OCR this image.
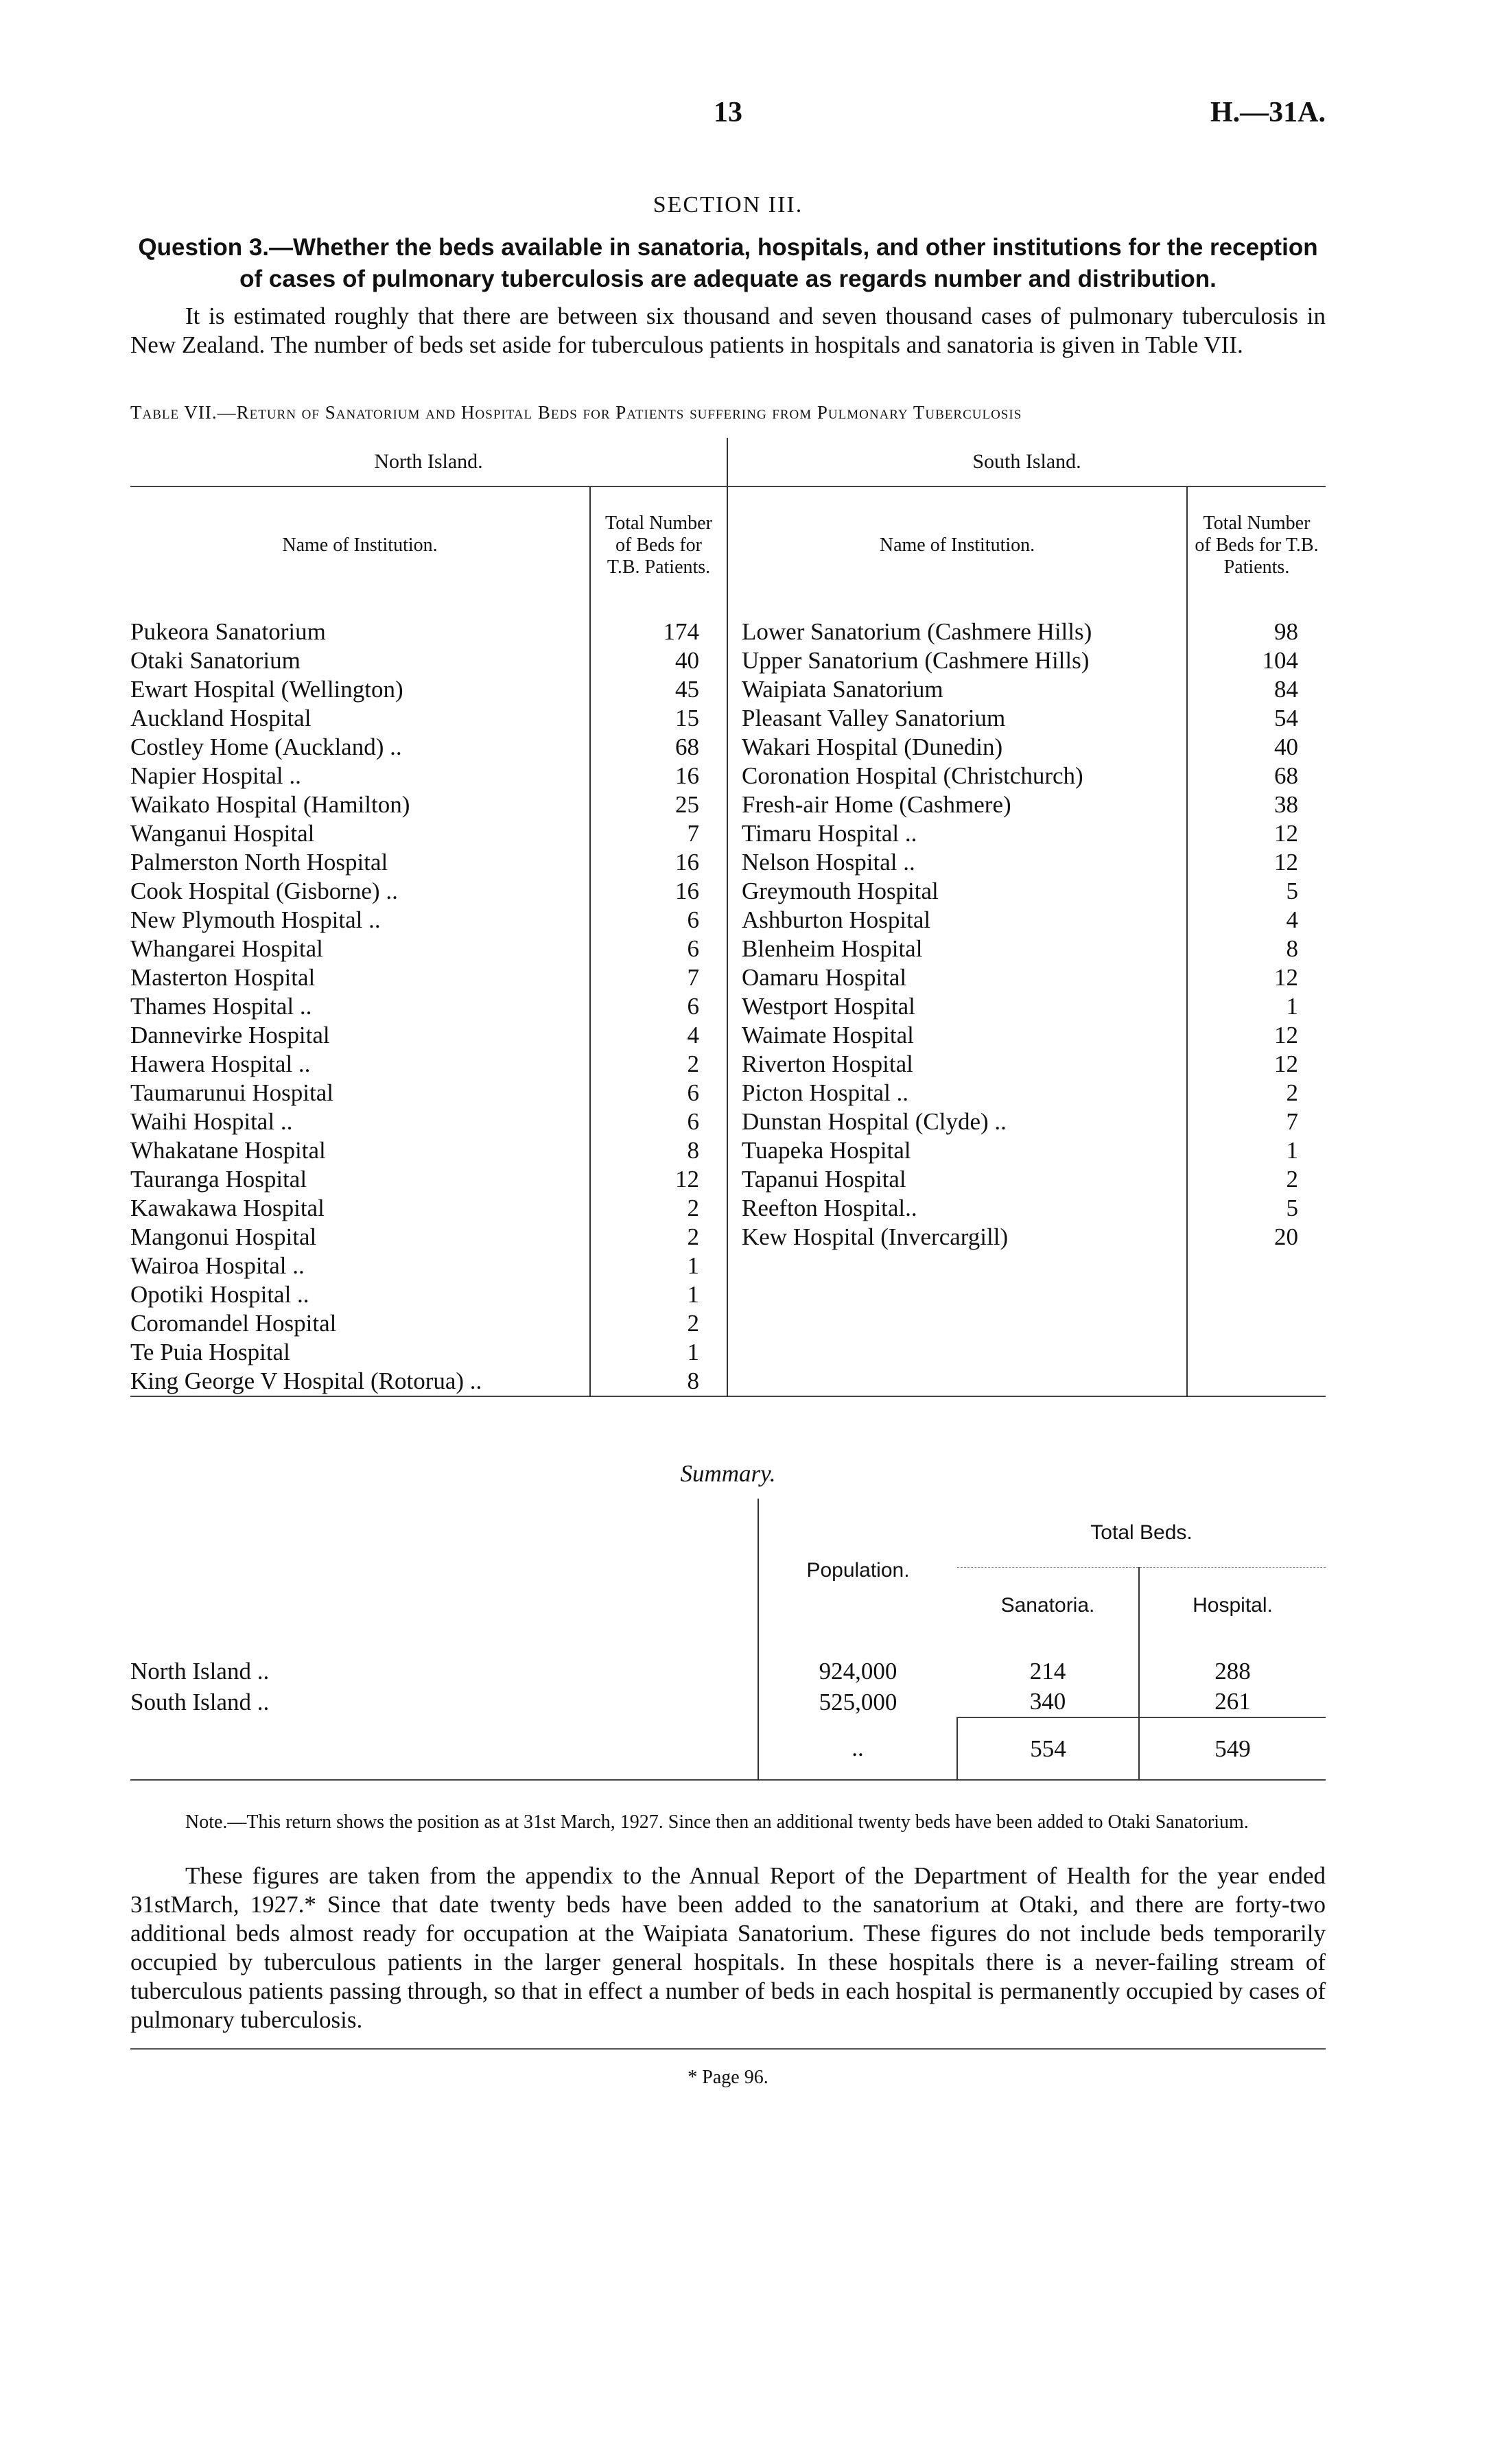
13	H.—31A.
SECTION III.
Question 3.—Whether the beds available in sanatoria, hospitals, and other institutions for the reception of cases of pulmonary tuberculosis are adequate as regards number and distribution.
It is estimated roughly that there are between six thousand and seven thousand cases of pulmonary tuberculosis in New Zealand. The number of beds set aside for tuberculous patients in hospitals and sanatoria is given in Table VII.
Table VII.—Return of Sanatorium and Hospital Beds for Patients suffering from Pulmonary Tuberculosis
North Island.		South Island.	
Name of Institution.	Total Number of Beds for T.B. Patients.	Name of Institution.	Total Number of Beds for T.B. Patients.
Pukeora Sanatorium	174	Lower Sanatorium (Cashmere Hills)	98
Otaki Sanatorium	40	Upper Sanatorium (Cashmere Hills)	104
Ewart Hospital (Wellington)	45	Waipiata Sanatorium	84
Auckland Hospital	15	Pleasant Valley Sanatorium	54
Costley Home (Auckland) ..	68	Wakari Hospital (Dunedin)	40
Napier Hospital ..	16	Coronation Hospital (Christchurch)	68
Waikato Hospital (Hamilton)	25	Fresh-air Home (Cashmere)	38
Wanganui Hospital	7	Timaru Hospital ..	12
Palmerston North Hospital	16	Nelson Hospital ..	12
Cook Hospital (Gisborne) ..	16	Greymouth Hospital	5
New Plymouth Hospital ..	6	Ashburton Hospital	4
Whangarei Hospital	6	Blenheim Hospital	8
Masterton Hospital	7	Oamaru Hospital	12
Thames Hospital ..	6	Westport Hospital	1
Dannevirke Hospital	4	Waimate Hospital	12
Hawera Hospital ..	2	Riverton Hospital	12
Taumarunui Hospital	6	Picton Hospital ..	2
Waihi Hospital ..	6	Dunstan Hospital (Clyde) ..	7
Whakatane Hospital	8	Tuapeka Hospital	1
Tauranga Hospital	12	Tapanui Hospital	2
Kawakawa Hospital	2	Reefton Hospital..	5
Mangonui Hospital	2	Kew Hospital (Invercargill)	20
Wairoa Hospital ..	1		
Opotiki Hospital ..	1		
Coromandel Hospital	2		
Te Puia Hospital	1		
King George V Hospital (Rotorua) ..	8		

Summary.
	Population.	Total Beds.	
		Sanatoria.	Hospital.
North Island ..	924,000	214	288
South Island ..	525,000	340	261
	..	554	549

Note.—This return shows the position as at 31st March, 1927. Since then an additional twenty beds have been added to Otaki Sanatorium.
These figures are taken from the appendix to the Annual Report of the Department of Health for the year ended 31stMarch, 1927.* Since that date twenty beds have been added to the sanatorium at Otaki, and there are forty-two additional beds almost ready for occupation at the Waipiata Sanatorium. These figures do not include beds temporarily occupied by tuberculous patients in the larger general hospitals. In these hospitals there is a never-failing stream of tuberculous patients passing through, so that in effect a number of beds in each hospital is permanently occupied by cases of pulmonary tuberculosis.
* Page 96.
